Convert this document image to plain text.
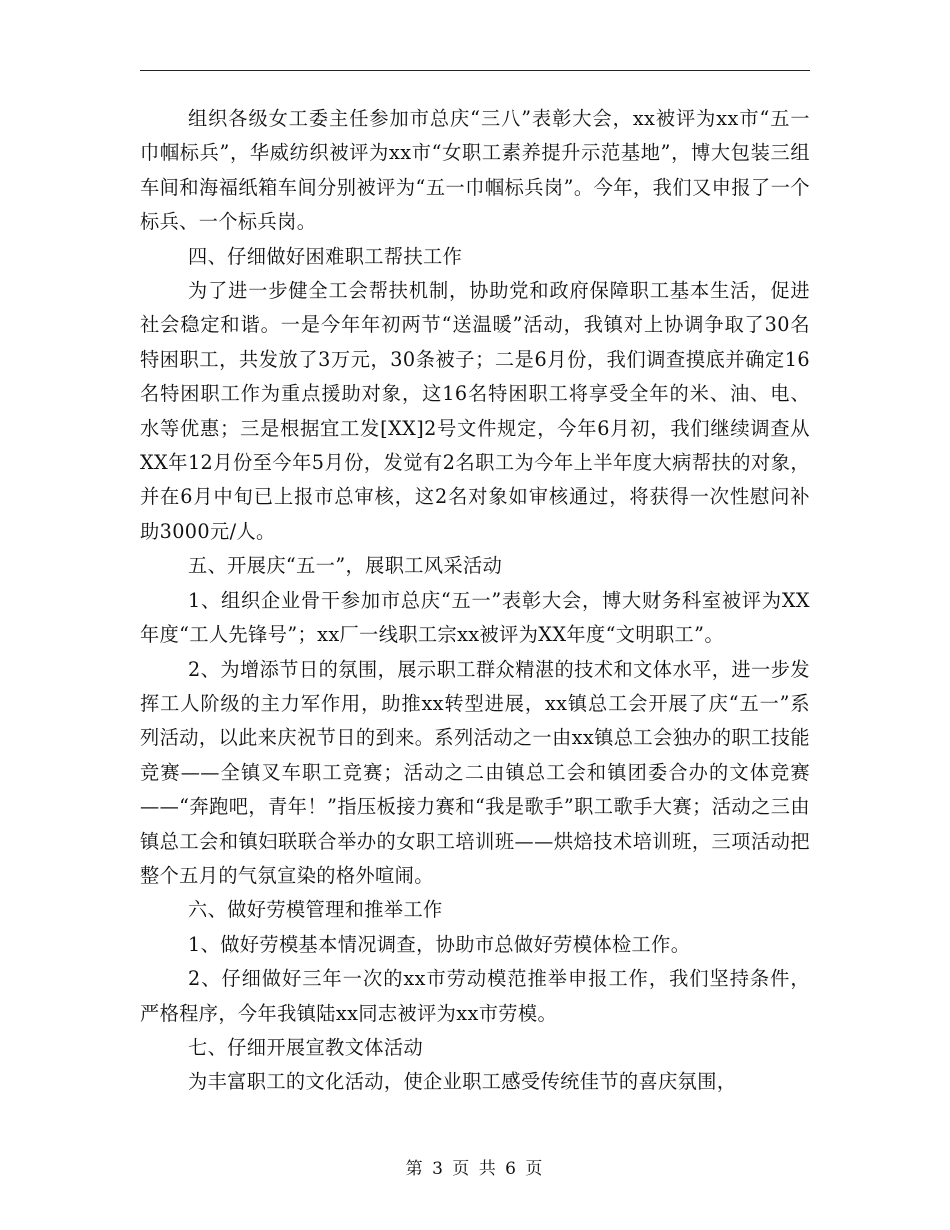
组织各级女工委主任参加市总庆“三八”表彰大会，xx被评为xx市“五一巾帼标兵”，华威纺织被评为xx市“女职工素养提升示范基地”，博大包装三组车间和海福纸箱车间分别被评为“五一巾帼标兵岗”。今年，我们又申报了一个标兵、一个标兵岗。

四、仔细做好困难职工帮扶工作

为了进一步健全工会帮扶机制，协助党和政府保障职工基本生活，促进社会稳定和谐。一是今年年初两节“送温暖”活动，我镇对上协调争取了30名特困职工，共发放了3万元，30条被子；二是6月份，我们调查摸底并确定16名特困职工作为重点援助对象，这16名特困职工将享受全年的米、油、电、水等优惠；三是根据宜工发[XX]2号文件规定，今年6月初，我们继续调查从XX年12月份至今年5月份，发觉有2名职工为今年上半年度大病帮扶的对象，并在6月中旬已上报市总审核，这2名对象如审核通过，将获得一次性慰问补助3000元/人。

五、开展庆“五一”，展职工风采活动

1、组织企业骨干参加市总庆“五一”表彰大会，博大财务科室被评为XX年度“工人先锋号”；xx厂一线职工宗xx被评为XX年度“文明职工”。

2、为增添节日的氛围，展示职工群众精湛的技术和文体水平，进一步发挥工人阶级的主力军作用，助推xx转型进展，xx镇总工会开展了庆“五一”系列活动，以此来庆祝节日的到来。系列活动之一由xx镇总工会独办的职工技能竞赛——全镇叉车职工竞赛；活动之二由镇总工会和镇团委合办的文体竞赛——“奔跑吧，青年！”指压板接力赛和“我是歌手”职工歌手大赛；活动之三由镇总工会和镇妇联联合举办的女职工培训班——烘焙技术培训班，三项活动把整个五月的气氛宣染的格外喧闹。

六、做好劳模管理和推举工作

1、做好劳模基本情况调查，协助市总做好劳模体检工作。

2、仔细做好三年一次的xx市劳动模范推举申报工作，我们坚持条件，严格程序，今年我镇陆xx同志被评为xx市劳模。

七、仔细开展宣教文体活动

为丰富职工的文化活动，使企业职工感受传统佳节的喜庆氛围，

第 3 页 共 6 页
